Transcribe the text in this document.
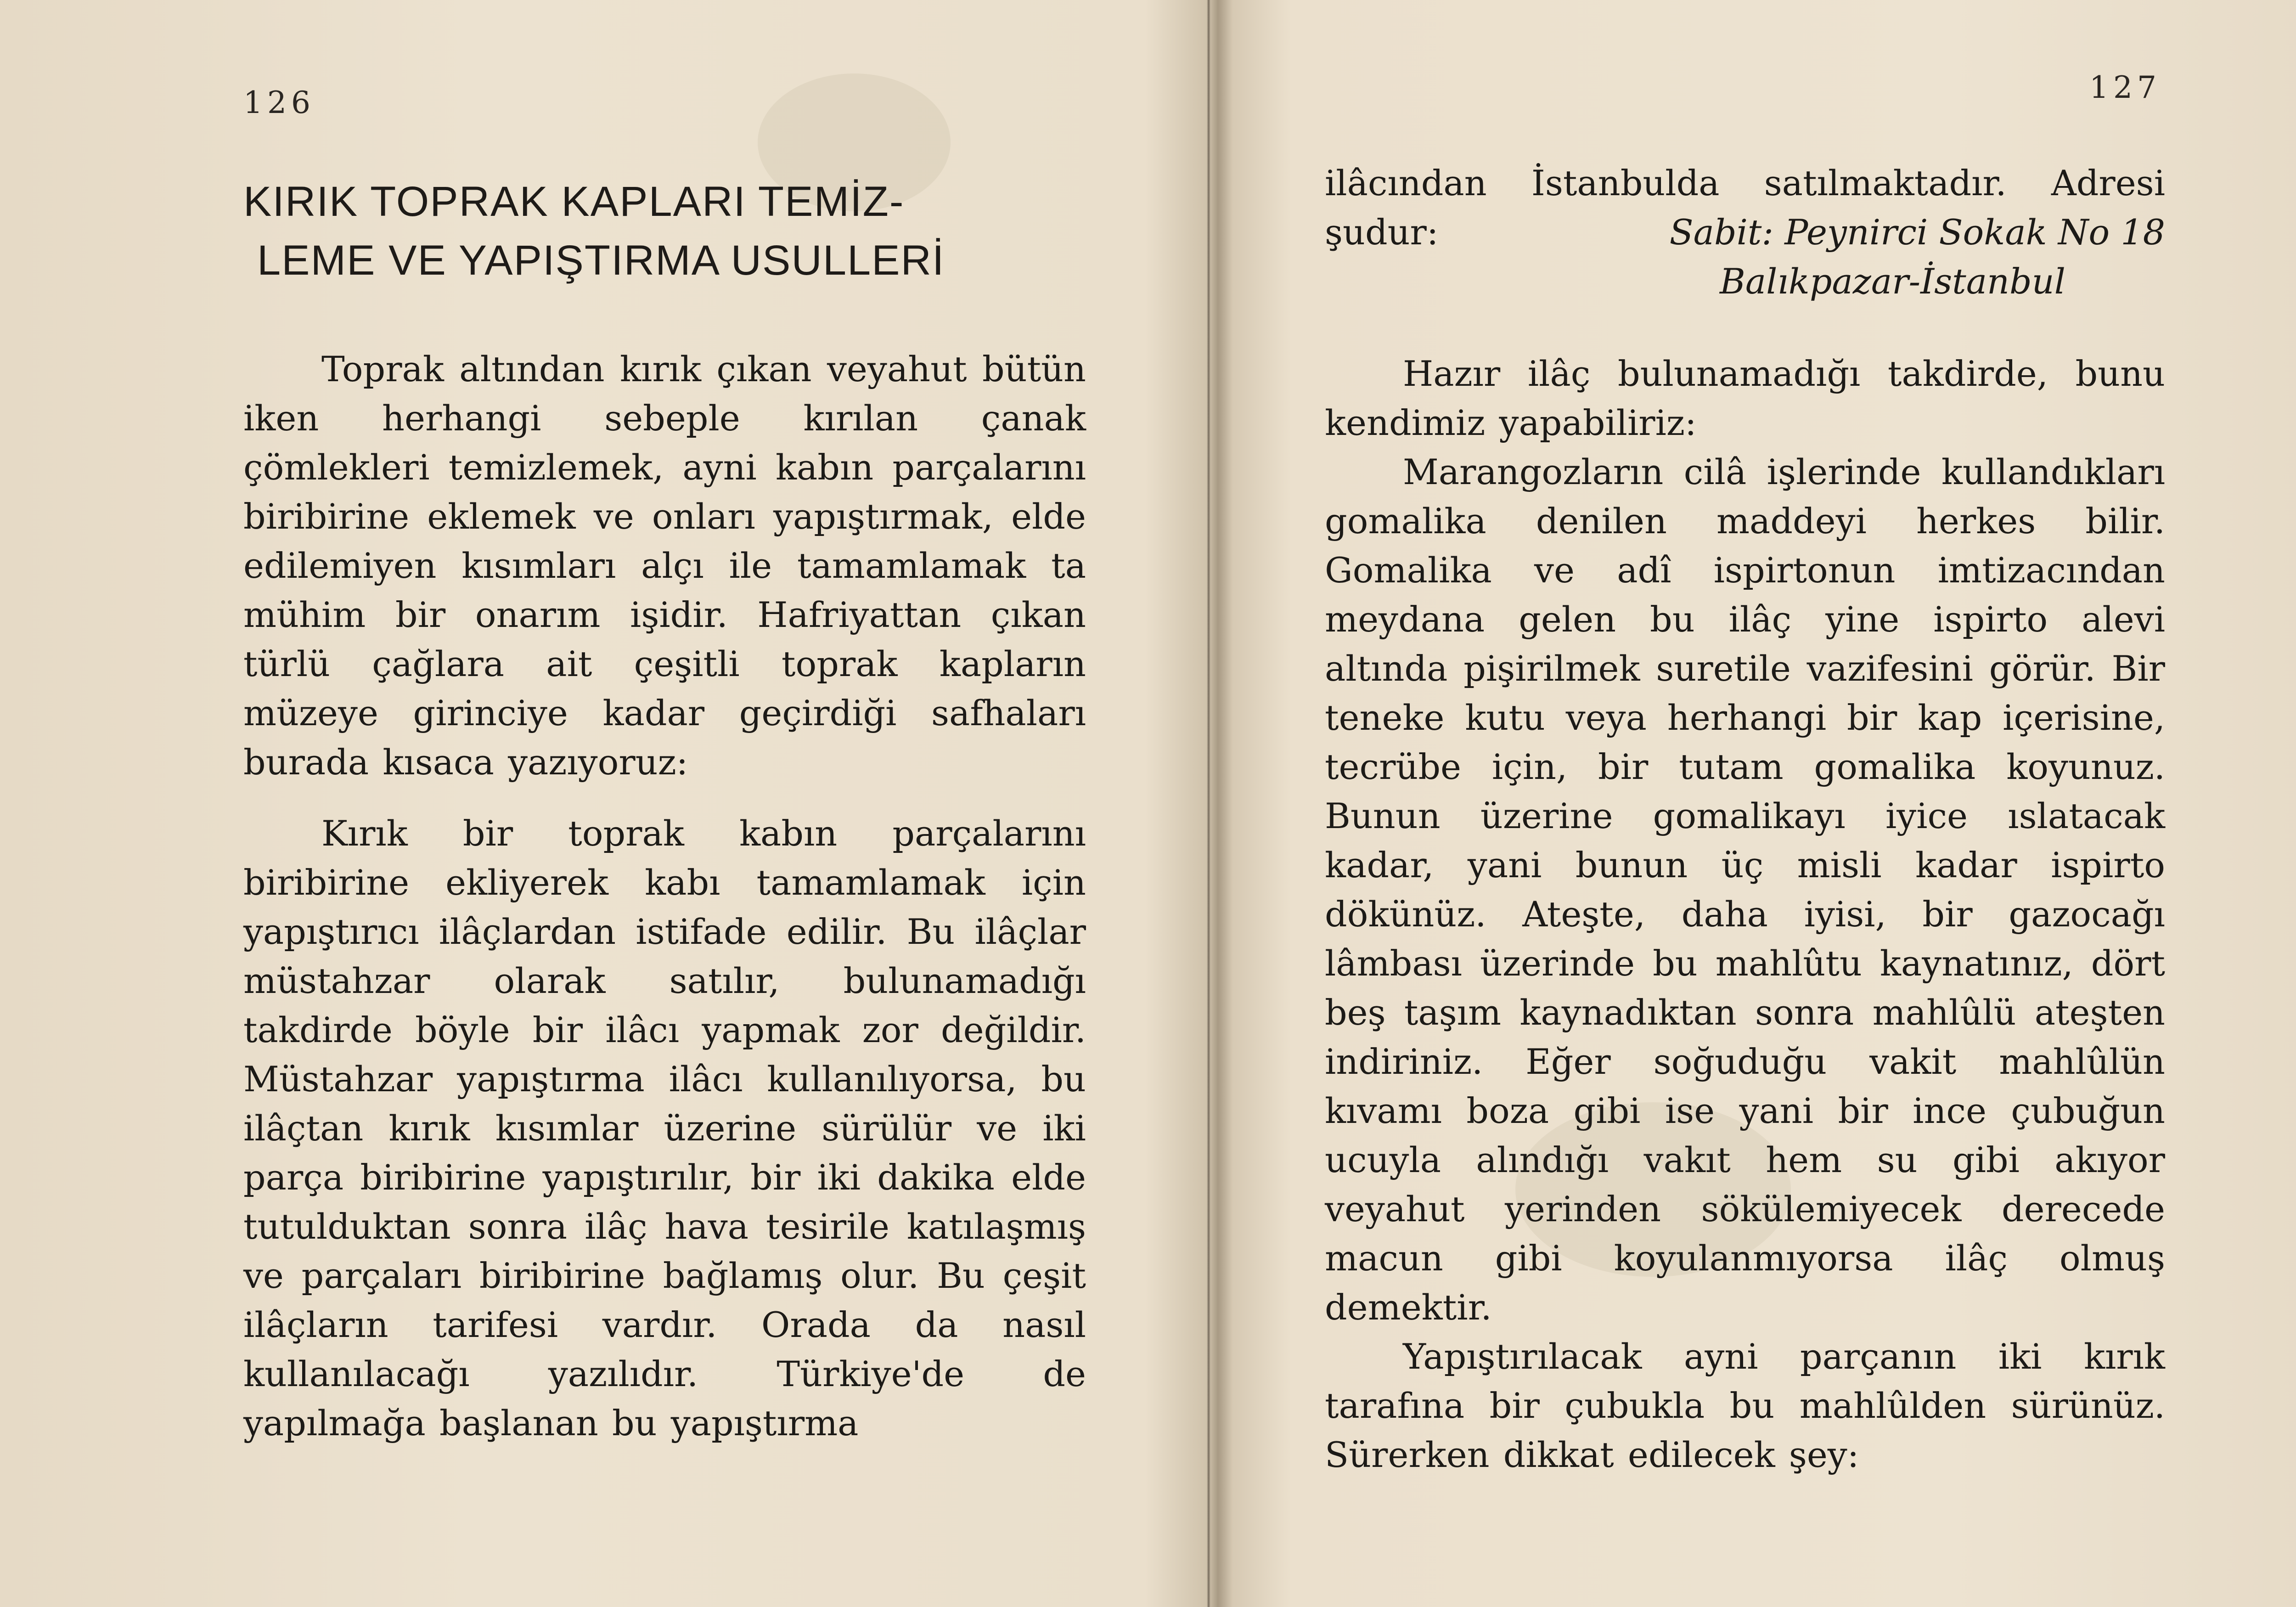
126
KIRIK TOPRAK KAPLARI TEMİZ-
LEME VE YAPIŞTIRMA USULLERİ

Toprak altından kırık çıkan veyahut bütün iken herhangi sebeple kırılan çanak çömlekleri temizlemek, ayni kabın parçalarını biribirine eklemek ve onları yapıştırmak, elde edilemiyen kısımları alçı ile tamamlamak ta mühim bir onarım işidir. Hafriyattan çıkan türlü çağlara ait çeşitli toprak kapların müzeye girinciye kadar geçirdiği safhaları burada kısaca yazıyoruz:

Kırık bir toprak kabın parçalarını biribirine ekliyerek kabı tamamlamak için yapıştırıcı ilâçlardan istifade edilir. Bu ilâçlar müstahzar olarak satılır, bulunamadığı takdirde böyle bir ilâcı yapmak zor değildir. Müstahzar yapıştırma ilâcı kullanılıyorsa, bu ilâçtan kırık kısımlar üzerine sürülür ve iki parça biribirine yapıştırılır, bir iki dakika elde tutulduktan sonra ilâç hava tesirile katılaşmış ve parçaları biribirine bağlamış olur. Bu çeşit ilâçların tarifesi vardır. Orada da nasıl kullanılacağı yazılıdır. Türkiye'de de yapılmağa başlanan bu yapıştırma

127
ilâcından İstanbulda satılmaktadır. Adresi
şudur:	Sabit: Peynirci Sokak No 18
Balıkpazar-İstanbul

Hazır ilâç bulunamadığı takdirde, bunu kendimiz yapabiliriz:

Marangozların cilâ işlerinde kullandıkları gomalika denilen maddeyi herkes bilir. Gomalika ve adî ispirtonun imtizacından meydana gelen bu ilâç yine ispirto alevi altında pişirilmek suretile vazifesini görür. Bir teneke kutu veya herhangi bir kap içerisine, tecrübe için, bir tutam gomalika koyunuz. Bunun üzerine gomalikayı iyice ıslatacak kadar, yani bunun üç misli kadar ispirto dökünüz. Ateşte, daha iyisi, bir gazocağı lâmbası üzerinde bu mahlûtu kaynatınız, dört beş taşım kaynadıktan sonra mahlûlü ateşten indiriniz. Eğer soğuduğu vakit mahlûlün kıvamı boza gibi ise yani bir ince çubuğun ucuyla alındığı vakıt hem su gibi akıyor veyahut yerinden sökülemiyecek derecede macun gibi koyulanmıyorsa ilâç olmuş demektir.

Yapıştırılacak ayni parçanın iki kırık tarafına bir çubukla bu mahlûlden sürünüz. Sürerken dikkat edilecek şey:
